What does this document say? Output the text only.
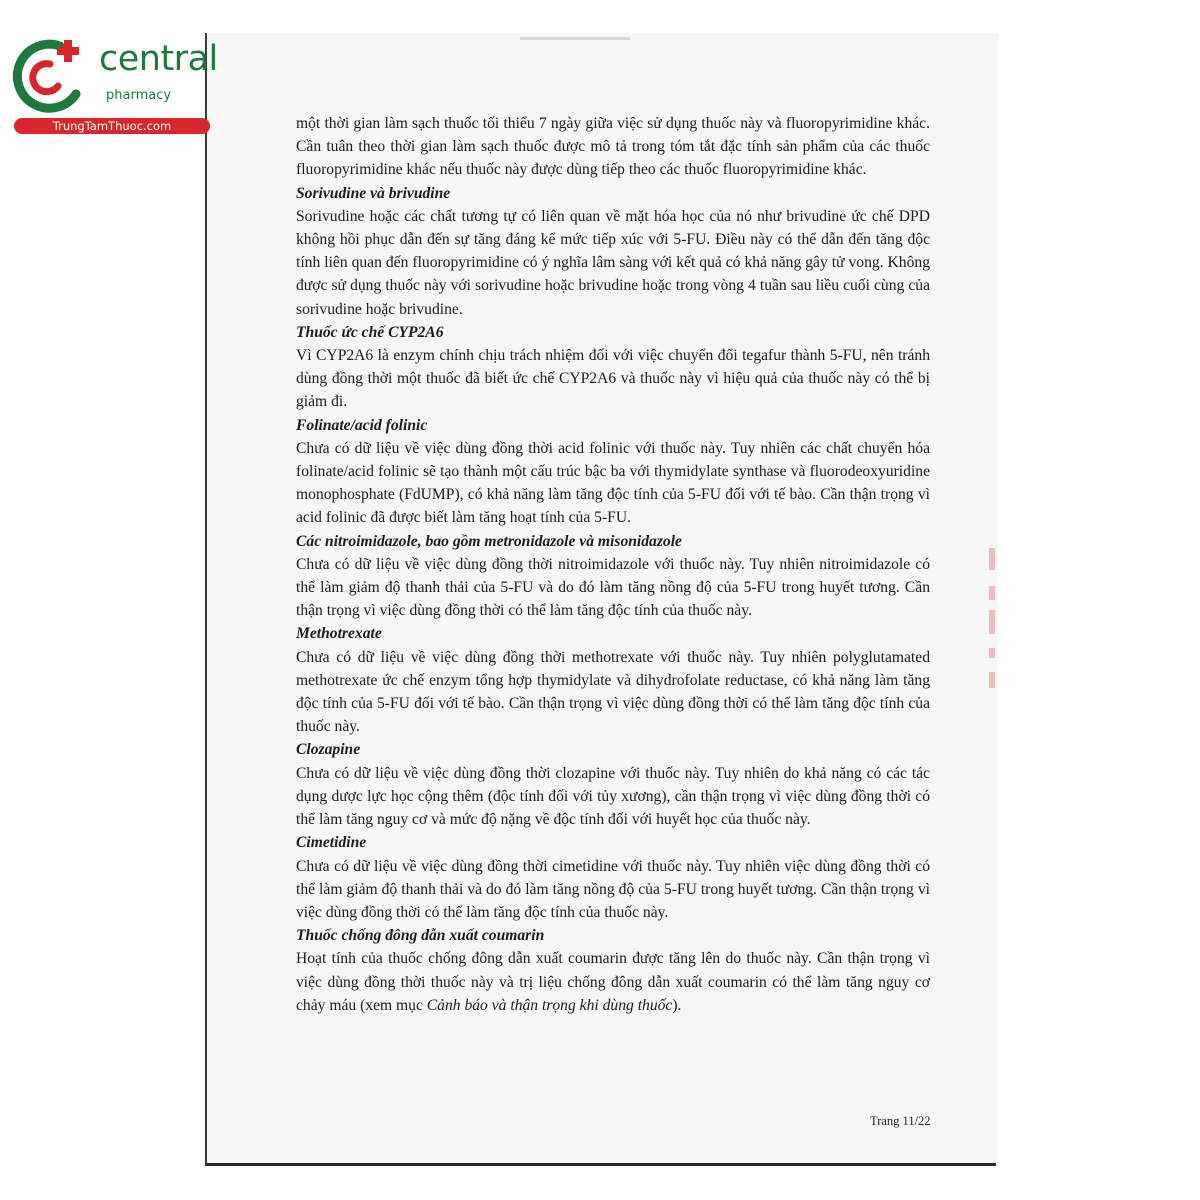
central
pharmacy
TrungTamThuoc.com	một thời gian làm sạch thuốc tối thiểu 7 ngày giữa việc sử dụng thuốc này và fluoropyrimidine khác. Cần tuân theo thời gian làm sạch thuốc được mô tả trong tóm tắt đặc tính sản phẩm của các thuốc fluoropyrimidine khác nếu thuốc này được dùng tiếp theo các thuốc fluoropyrimidine khác.

Sorivudine và brivudine

Sorivudine hoặc các chất tương tự có liên quan về mặt hóa học của nó như brivudine ức chế DPD không hồi phục dẫn đến sự tăng đáng kể mức tiếp xúc với 5-FU. Điều này có thể dẫn đến tăng độc tính liên quan đến fluoropyrimidine có ý nghĩa lâm sàng với kết quả có khả năng gây tử vong. Không được sử dụng thuốc này với sorivudine hoặc brivudine hoặc trong vòng 4 tuần sau liều cuối cùng của sorivudine hoặc brivudine.

Thuốc ức chế CYP2A6

Vì CYP2A6 là enzym chính chịu trách nhiệm đối với việc chuyển đổi tegafur thành 5-FU, nên tránh dùng đồng thời một thuốc đã biết ức chế CYP2A6 và thuốc này vì hiệu quả của thuốc này có thể bị giảm đi.

Folinate/acid folinic

Chưa có dữ liệu về việc dùng đồng thời acid folinic với thuốc này. Tuy nhiên các chất chuyển hóa folinate/acid folinic sẽ tạo thành một cấu trúc bậc ba với thymidylate synthase và fluorodeoxyuridine monophosphate (FdUMP), có khả năng làm tăng độc tính của 5-FU đối với tế bào. Cần thận trọng vì acid folinic đã được biết làm tăng hoạt tính của 5-FU.

Các nitroimidazole, bao gồm metronidazole và misonidazole

Chưa có dữ liệu về việc dùng đồng thời nitroimidazole với thuốc này. Tuy nhiên nitroimidazole có thể làm giảm độ thanh thải của 5-FU và do đó làm tăng nồng độ của 5-FU trong huyết tương. Cần thận trọng vì việc dùng đồng thời có thể làm tăng độc tính của thuốc này.

Methotrexate

Chưa có dữ liệu về việc dùng đồng thời methotrexate với thuốc này. Tuy nhiên polyglutamated methotrexate ức chế enzym tổng hợp thymidylate và dihydrofolate reductase, có khả năng làm tăng độc tính của 5-FU đối với tế bào. Cần thận trọng vì việc dùng đồng thời có thể làm tăng độc tính của thuốc này.

Clozapine

Chưa có dữ liệu về việc dùng đồng thời clozapine với thuốc này. Tuy nhiên do khả năng có các tác dụng dược lực học cộng thêm (độc tính đối với tủy xương), cần thận trọng vì việc dùng đồng thời có thể làm tăng nguy cơ và mức độ nặng về độc tính đối với huyết học của thuốc này.

Cimetidine

Chưa có dữ liệu về việc dùng đồng thời cimetidine với thuốc này. Tuy nhiên việc dùng đồng thời có thể làm giảm độ thanh thải và do đó làm tăng nồng độ của 5-FU trong huyết tương. Cần thận trọng vì việc dùng đồng thời có thể làm tăng độc tính của thuốc này.

Thuốc chống đông dẫn xuất coumarin

Hoạt tính của thuốc chống đông dẫn xuất coumarin được tăng lên do thuốc này. Cần thận trọng vì việc dùng đồng thời thuốc này và trị liệu chống đông dẫn xuất coumarin có thể làm tăng nguy cơ chảy máu (xem mục Cảnh báo và thận trọng khi dùng thuốc).

Trang 11/22
